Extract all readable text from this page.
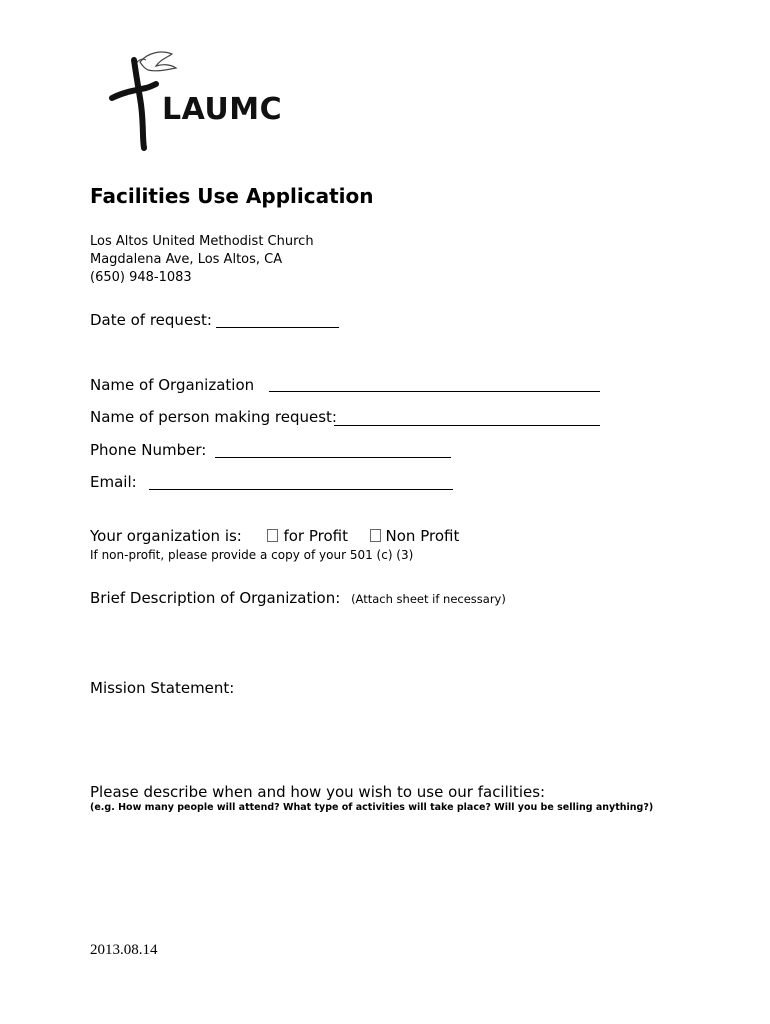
LAUMC
Facilities Use Application
Los Altos United Methodist Church
Magdalena Ave, Los Altos, CA
(650) 948-1083
Date of request:
Name of Organization
Name of person making request:
Phone Number:
Email:
Your organization is:	for Profit	Non Profit
If non-profit, please provide a copy of your 501 (c) (3)
Brief Description of Organization: (Attach sheet if necessary)
Mission Statement:
Please describe when and how you wish to use our facilities:
(e.g. How many people will attend? What type of activities will take place? Will you be selling anything?)
2013.08.14
